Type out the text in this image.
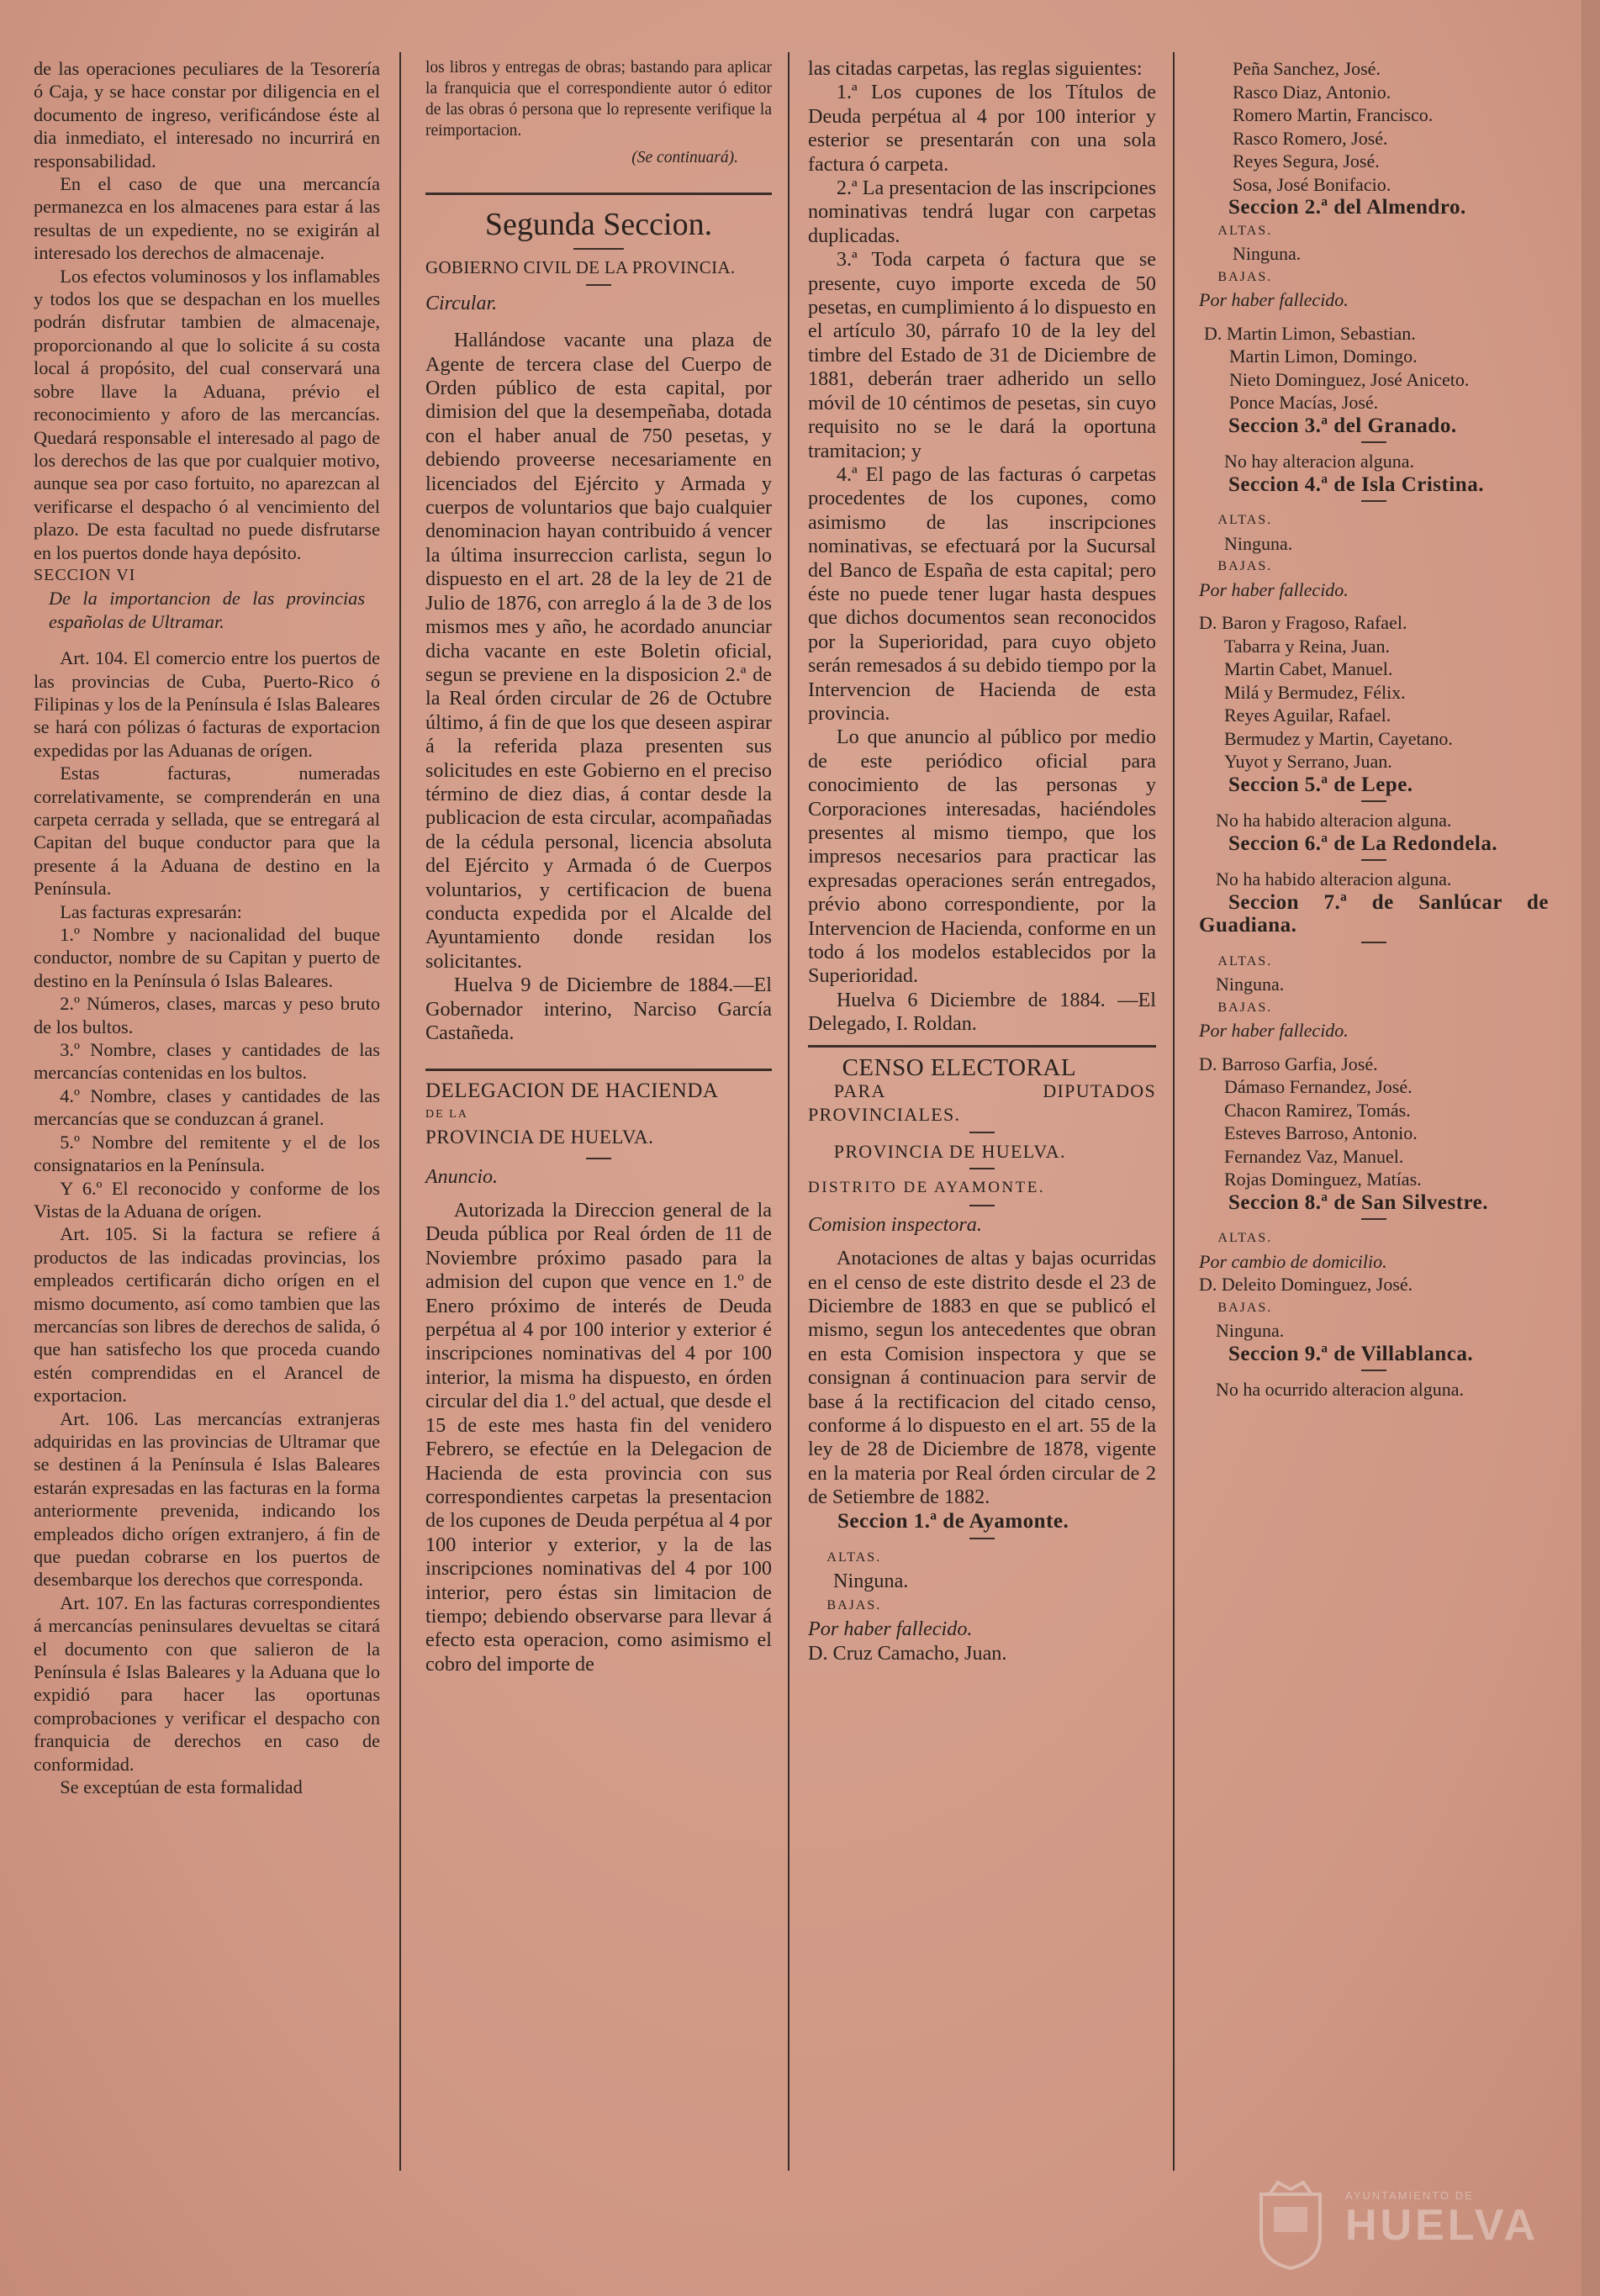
de las operaciones peculiares de la Tesorería ó Caja, y se hace constar por diligencia en el documento de ingreso, verificándose éste al dia inmediato, el interesado no incurrirá en responsabilidad.

En el caso de que una mercancía permanezca en los almacenes para estar á las resultas de un expediente, no se exigirán al interesado los derechos de almacenaje.

Los efectos voluminosos y los inflamables y todos los que se despachan en los muelles podrán disfrutar tambien de almacenaje, proporcionando al que lo solicite á su costa local á propósito, del cual conservará una sobre llave la Aduana, prévio el reconocimiento y aforo de las mercancías. Quedará responsable el interesado al pago de los derechos de las que por cualquier motivo, aunque sea por caso fortuito, no aparezcan al verificarse el despacho ó al vencimiento del plazo. De esta facultad no puede disfrutarse en los puertos donde haya depósito.

SECCION VI

De la importancion de las provincias españolas de Ultramar.

Art. 104. El comercio entre los puertos de las provincias de Cuba, Puerto-Rico ó Filipinas y los de la Península é Islas Baleares se hará con pólizas ó facturas de exportacion expedidas por las Aduanas de orígen.

Estas facturas, numeradas correlativamente, se comprenderán en una carpeta cerrada y sellada, que se entregará al Capitan del buque conductor para que la presente á la Aduana de destino en la Península.

Las facturas expresarán:

1.º Nombre y nacionalidad del buque conductor, nombre de su Capitan y puerto de destino en la Península ó Islas Baleares.

2.º Números, clases, marcas y peso bruto de los bultos.

3.º Nombre, clases y cantidades de las mercancías contenidas en los bultos.

4.º Nombre, clases y cantidades de las mercancías que se conduzcan á granel.

5.º Nombre del remitente y el de los consignatarios en la Península.

Y 6.º El reconocido y conforme de los Vistas de la Aduana de orígen.

Art. 105. Si la factura se refiere á productos de las indicadas provincias, los empleados certificarán dicho orígen en el mismo documento, así como tambien que las mercancías son libres de derechos de salida, ó que han satisfecho los que proceda cuando estén comprendidas en el Arancel de exportacion.

Art. 106. Las mercancías extranjeras adquiridas en las provincias de Ultramar que se destinen á la Península é Islas Baleares estarán expresadas en las facturas en la forma anteriormente prevenida, indicando los empleados dicho orígen extranjero, á fin de que puedan cobrarse en los puertos de desembarque los derechos que corresponda.

Art. 107. En las facturas correspondientes á mercancías peninsulares devueltas se citará el documento con que salieron de la Península é Islas Baleares y la Aduana que lo expidió para hacer las oportunas comprobaciones y verificar el despacho con franquicia de derechos en caso de conformidad.

Se exceptúan de esta formalidad

los libros y entregas de obras; bastando para aplicar la franquicia que el correspondiente autor ó editor de las obras ó persona que lo represente verifique la reimportacion.

(Se continuará).

Segunda Seccion.

GOBIERNO CIVIL DE LA PROVINCIA.

Circular.

Hallándose vacante una plaza de Agente de tercera clase del Cuerpo de Orden público de esta capital, por dimision del que la desempeñaba, dotada con el haber anual de 750 pesetas, y debiendo proveerse necesariamente en licenciados del Ejército y Armada y cuerpos de voluntarios que bajo cualquier denominacion hayan contribuido á vencer la última insurreccion carlista, segun lo dispuesto en el art. 28 de la ley de 21 de Julio de 1876, con arreglo á la de 3 de los mismos mes y año, he acordado anunciar dicha vacante en este Boletin oficial, segun se previene en la disposicion 2.ª de la Real órden circular de 26 de Octubre último, á fin de que los que deseen aspirar á la referida plaza presenten sus solicitudes en este Gobierno en el preciso término de diez dias, á contar desde la publicacion de esta circular, acompañadas de la cédula personal, licencia absoluta del Ejército y Armada ó de Cuerpos voluntarios, y certificacion de buena conducta expedida por el Alcalde del Ayuntamiento donde residan los solicitantes.

Huelva 9 de Diciembre de 1884.—El Gobernador interino, Narciso García Castañeda.

DELEGACION DE HACIENDA

DE LA

PROVINCIA DE HUELVA.

Anuncio.

Autorizada la Direccion general de la Deuda pública por Real órden de 11 de Noviembre próximo pasado para la admision del cupon que vence en 1.º de Enero próximo de interés de Deuda perpétua al 4 por 100 interior y exterior é inscripciones nominativas del 4 por 100 interior, la misma ha dispuesto, en órden circular del dia 1.º del actual, que desde el 15 de este mes hasta fin del venidero Febrero, se efectúe en la Delegacion de Hacienda de esta provincia con sus correspondientes carpetas la presentacion de los cupones de Deuda perpétua al 4 por 100 interior y exterior, y la de las inscripciones nominativas del 4 por 100 interior, pero éstas sin limitacion de tiempo; debiendo observarse para llevar á efecto esta operacion, como asimismo el cobro del importe de

las citadas carpetas, las reglas siguientes:

1.ª Los cupones de los Títulos de Deuda perpétua al 4 por 100 interior y esterior se presentarán con una sola factura ó carpeta.

2.ª La presentacion de las inscripciones nominativas tendrá lugar con carpetas duplicadas.

3.ª Toda carpeta ó factura que se presente, cuyo importe exceda de 50 pesetas, en cumplimiento á lo dispuesto en el artículo 30, párrafo 10 de la ley del timbre del Estado de 31 de Diciembre de 1881, deberán traer adherido un sello móvil de 10 céntimos de pesetas, sin cuyo requisito no se le dará la oportuna tramitacion; y

4.ª El pago de las facturas ó carpetas procedentes de los cupones, como asimismo de las inscripciones nominativas, se efectuará por la Sucursal del Banco de España de esta capital; pero éste no puede tener lugar hasta despues que dichos documentos sean reconocidos por la Superioridad, para cuyo objeto serán remesados á su debido tiempo por la Intervencion de Hacienda de esta provincia.

Lo que anuncio al público por medio de este periódico oficial para conocimiento de las personas y Corporaciones interesadas, haciéndoles presentes al mismo tiempo, que los impresos necesarios para practicar las expresadas operaciones serán entregados, prévio abono correspondiente, por la Intervencion de Hacienda, conforme en un todo á los modelos establecidos por la Superioridad.

Huelva 6 Diciembre de 1884. —El Delegado, I. Roldan.

CENSO ELECTORAL

PARA DIPUTADOS PROVINCIALES.

PROVINCIA DE HUELVA.

DISTRITO DE AYAMONTE.

Comision inspectora.

Anotaciones de altas y bajas ocurridas en el censo de este distrito desde el 23 de Diciembre de 1883 en que se publicó el mismo, segun los antecedentes que obran en esta Comision inspectora y que se consignan á continuacion para servir de base á la rectificacion del citado censo, conforme á lo dispuesto en el art. 55 de la ley de 28 de Diciembre de 1878, vigente en la materia por Real órden circular de 2 de Setiembre de 1882.

Seccion 1.ª de Ayamonte.

ALTAS.

Ninguna.

BAJAS.

Por haber fallecido.

D. Cruz Camacho, Juan.

Peña Sanchez, José.
Rasco Diaz, Antonio.
Romero Martin, Francisco.
Rasco Romero, José.
Reyes Segura, José.
Sosa, José Bonifacio.

Seccion 2.ª del Almendro.

ALTAS.

Ninguna.

BAJAS.

Por haber fallecido.

D. Martin Limon, Sebastian.
Martin Limon, Domingo.
Nieto Dominguez, José Aniceto.
Ponce Macías, José.

Seccion 3.ª del Granado.

No hay alteracion alguna.

Seccion 4.ª de Isla Cristina.

ALTAS.

Ninguna.

BAJAS.

Por haber fallecido.

D. Baron y Fragoso, Rafael.
Tabarra y Reina, Juan.
Martin Cabet, Manuel.
Milá y Bermudez, Félix.
Reyes Aguilar, Rafael.
Bermudez y Martin, Cayetano.
Yuyot y Serrano, Juan.

Seccion 5.ª de Lepe.

No ha habido alteracion alguna.

Seccion 6.ª de La Redondela.

No ha habido alteracion alguna.

Seccion 7.ª de Sanlúcar de Guadiana.

ALTAS.

Ninguna.

BAJAS.

Por haber fallecido.

D. Barroso Garfia, José.
Dámaso Fernandez, José.
Chacon Ramirez, Tomás.
Esteves Barroso, Antonio.
Fernandez Vaz, Manuel.
Rojas Dominguez, Matías.

Seccion 8.ª de San Silvestre.

ALTAS.

Por cambio de domicilio.

D. Deleito Dominguez, José.

BAJAS.

Ninguna.

Seccion 9.ª de Villablanca.

No ha ocurrido alteracion alguna.

AYUNTAMIENTO DE
HUELVA
